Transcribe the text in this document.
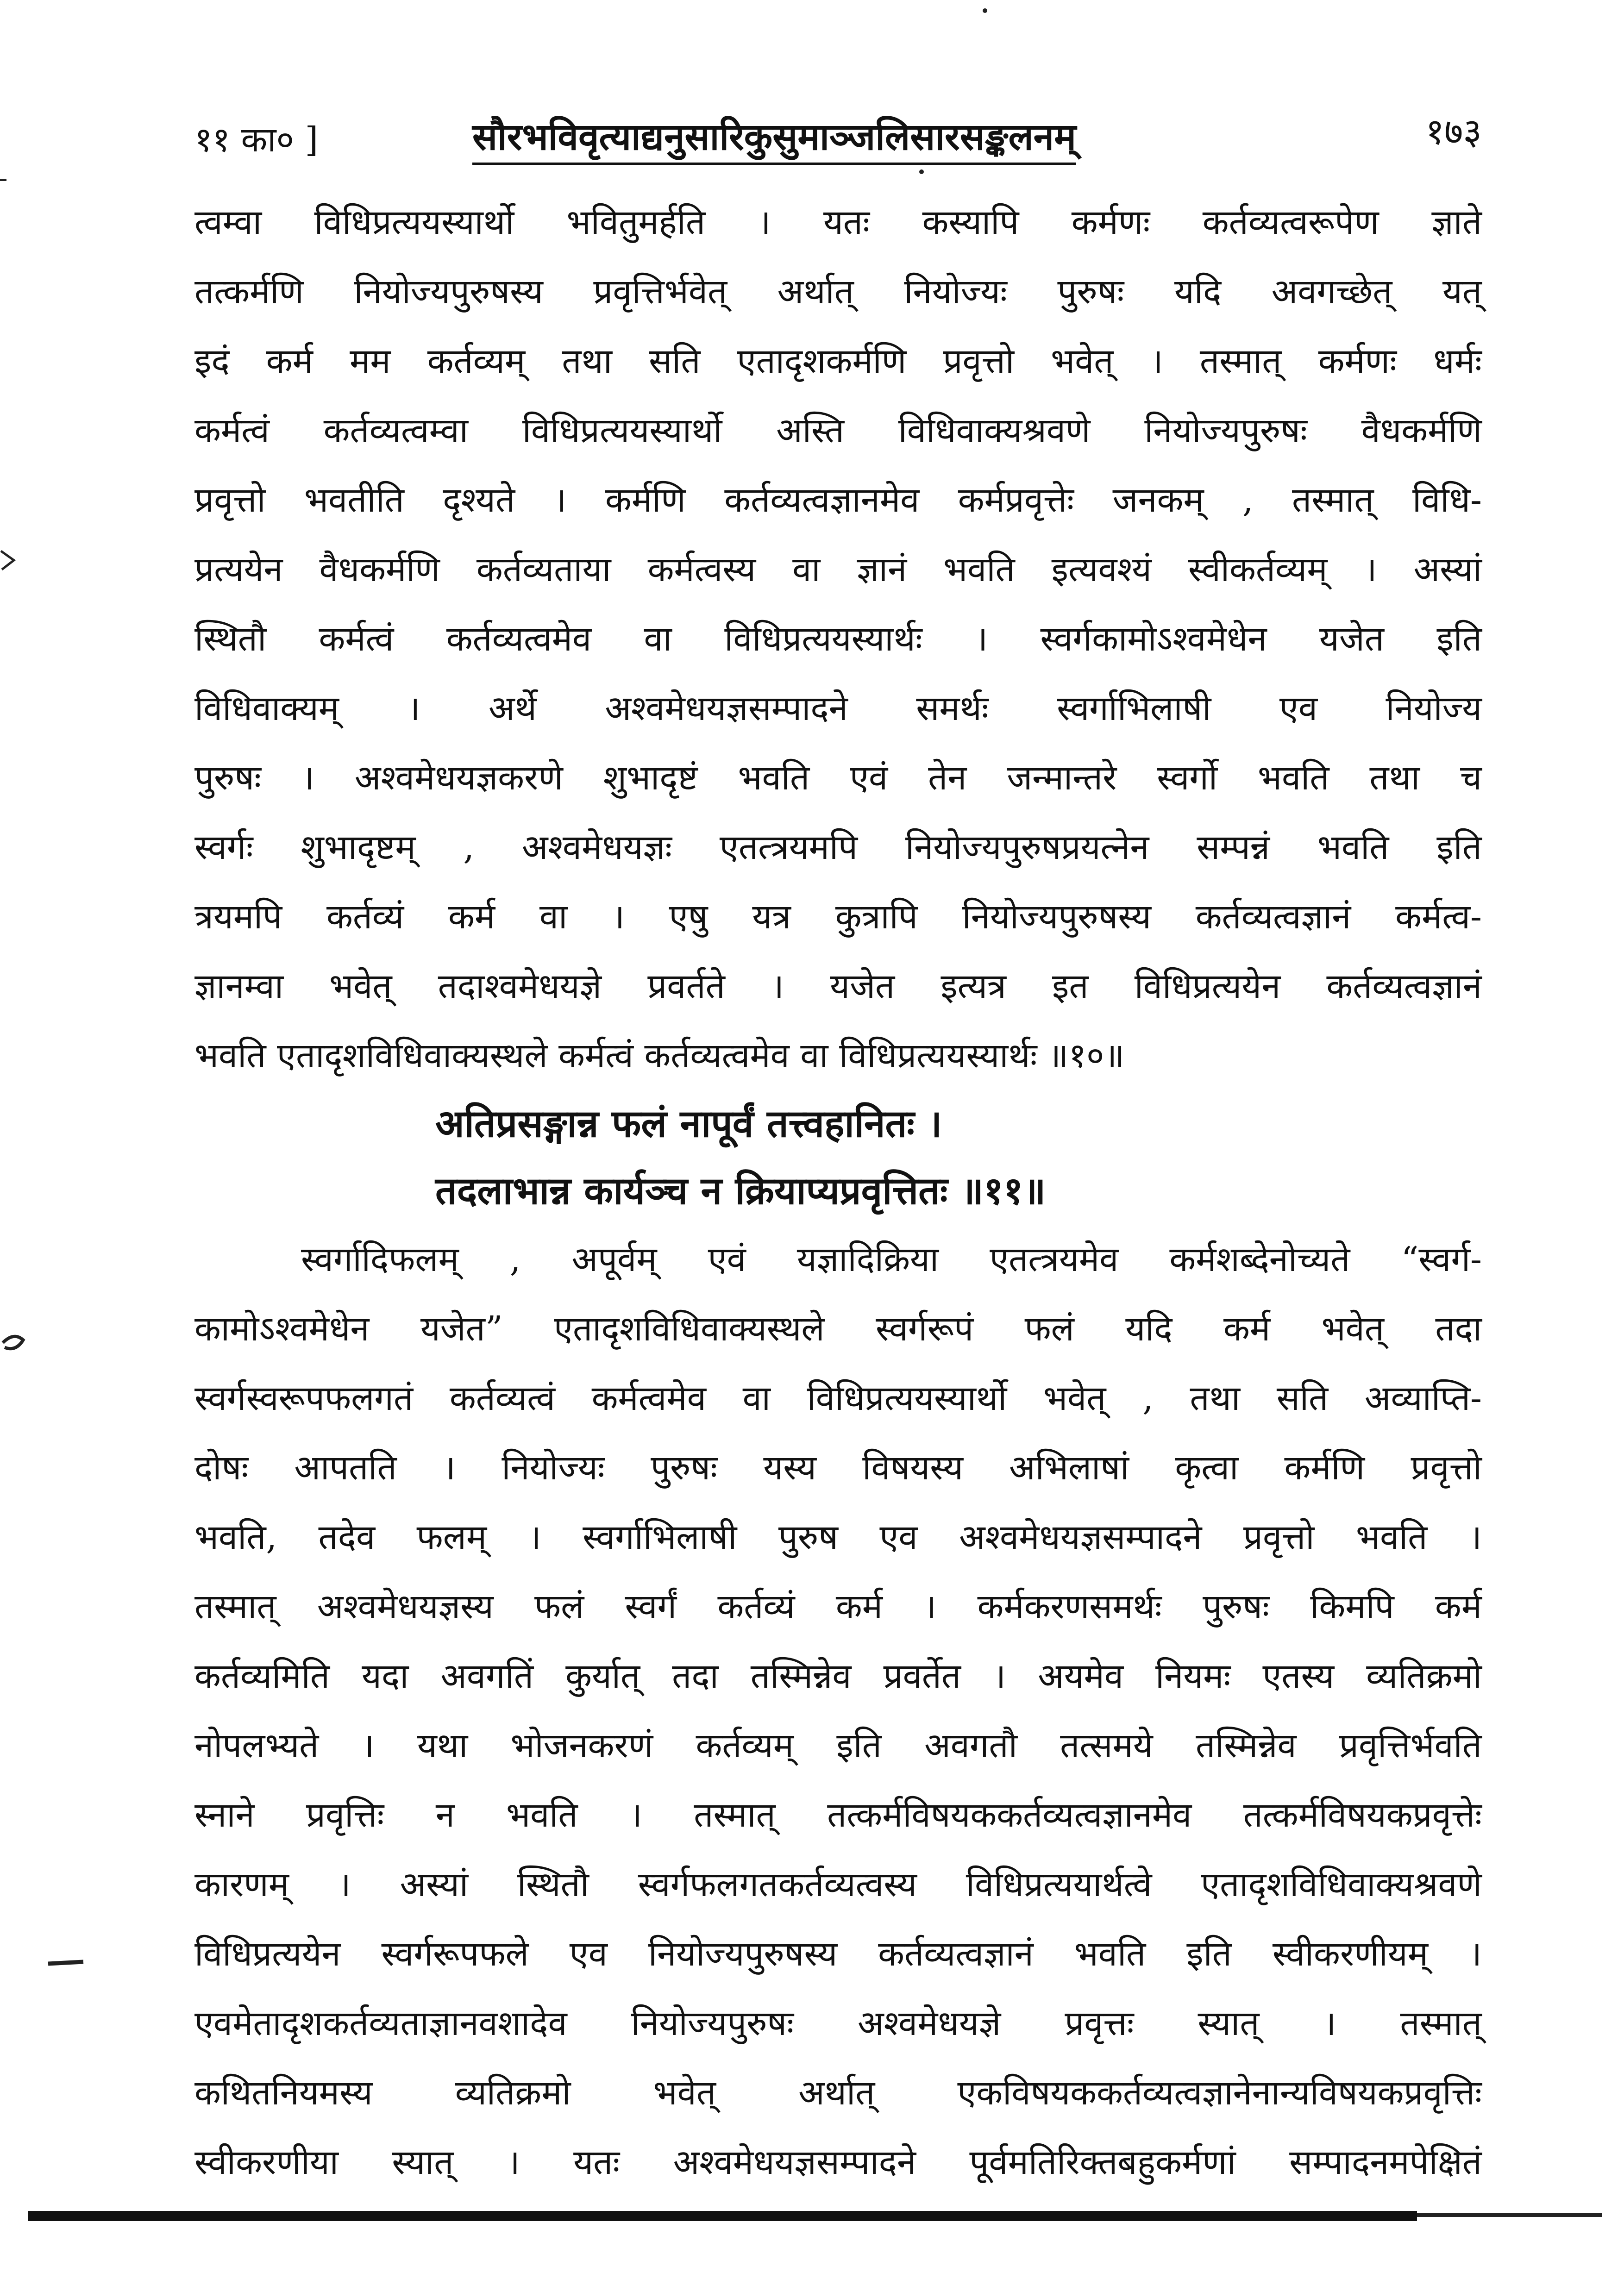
११ का० ]	सौरभविवृत्याद्यनुसारिकुसुमाञ्जलिसारसङ्कलनम्	१७३
त्वम्वा विधिप्रत्ययस्यार्थो भवितुमर्हति । यतः कस्यापि कर्मणः कर्तव्यत्वरूपेण ज्ञाते
तत्कर्मणि नियोज्यपुरुषस्य प्रवृत्तिर्भवेत् अर्थात् नियोज्यः पुरुषः यदि अवगच्छेत् यत्
इदं कर्म मम कर्तव्यम् तथा सति एतादृशकर्मणि प्रवृत्तो भवेत् । तस्मात् कर्मणः धर्मः
कर्मत्वं कर्तव्यत्वम्वा विधिप्रत्ययस्यार्थो अस्ति विधिवाक्यश्रवणे नियोज्यपुरुषः वैधकर्मणि
प्रवृत्तो भवतीति दृश्यते । कर्मणि कर्तव्यत्वज्ञानमेव कर्मप्रवृत्तेः जनकम् , तस्मात् विधि-
प्रत्ययेन वैधकर्मणि कर्तव्यताया कर्मत्वस्य वा ज्ञानं भवति इत्यवश्यं स्वीकर्तव्यम् । अस्यां
स्थितौ कर्मत्वं कर्तव्यत्वमेव वा विधिप्रत्ययस्यार्थः । स्वर्गकामोऽश्वमेधेन यजेत इति
विधिवाक्यम् । अर्थे अश्वमेधयज्ञसम्पादने समर्थः स्वर्गाभिलाषी एव नियोज्य
पुरुषः । अश्वमेधयज्ञकरणे शुभादृष्टं भवति एवं तेन जन्मान्तरे स्वर्गो भवति तथा च
स्वर्गः शुभादृष्टम् , अश्वमेधयज्ञः एतत्त्रयमपि नियोज्यपुरुषप्रयत्नेन सम्पन्नं भवति इति
त्रयमपि कर्तव्यं कर्म वा । एषु यत्र कुत्रापि नियोज्यपुरुषस्य कर्तव्यत्वज्ञानं कर्मत्व-
ज्ञानम्वा भवेत् तदाश्वमेधयज्ञे प्रवर्तते । यजेत इत्यत्र इत विधिप्रत्ययेन कर्तव्यत्वज्ञानं
भवति एतादृशविधिवाक्यस्थले कर्मत्वं कर्तव्यत्वमेव वा विधिप्रत्ययस्यार्थः ॥१०॥
अतिप्रसङ्गान्न फलं नापूर्वं तत्त्वहानितः ।
तदलाभान्न कार्यञ्च न क्रियाप्यप्रवृत्तितः ॥११॥
स्वर्गादिफलम् , अपूर्वम् एवं यज्ञादिक्रिया एतत्त्रयमेव कर्मशब्देनोच्यते “स्वर्ग-
कामोऽश्वमेधेन यजेत” एतादृशविधिवाक्यस्थले स्वर्गरूपं फलं यदि कर्म भवेत् तदा
स्वर्गस्वरूपफलगतं कर्तव्यत्वं कर्मत्वमेव वा विधिप्रत्ययस्यार्थो भवेत् , तथा सति अव्याप्ति-
दोषः आपतति । नियोज्यः पुरुषः यस्य विषयस्य अभिलाषां कृत्वा कर्मणि प्रवृत्तो
भवति, तदेव फलम् । स्वर्गाभिलाषी पुरुष एव अश्वमेधयज्ञसम्पादने प्रवृत्तो भवति ।
तस्मात् अश्वमेधयज्ञस्य फलं स्वर्गं कर्तव्यं कर्म । कर्मकरणसमर्थः पुरुषः किमपि कर्म
कर्तव्यमिति यदा अवगतिं कुर्यात् तदा तस्मिन्नेव प्रवर्तेत । अयमेव नियमः एतस्य व्यतिक्रमो
नोपलभ्यते । यथा भोजनकरणं कर्तव्यम् इति अवगतौ तत्समये तस्मिन्नेव प्रवृत्तिर्भवति
स्नाने प्रवृत्तिः न भवति । तस्मात् तत्कर्मविषयककर्तव्यत्वज्ञानमेव तत्कर्मविषयकप्रवृत्तेः
कारणम् । अस्यां स्थितौ स्वर्गफलगतकर्तव्यत्वस्य विधिप्रत्ययार्थत्वे एतादृशविधिवाक्यश्रवणे
विधिप्रत्ययेन स्वर्गरूपफले एव नियोज्यपुरुषस्य कर्तव्यत्वज्ञानं भवति इति स्वीकरणीयम् ।
एवमेतादृशकर्तव्यताज्ञानवशादेव नियोज्यपुरुषः अश्वमेधयज्ञे प्रवृत्तः स्यात् । तस्मात्
कथितनियमस्य व्यतिक्रमो भवेत् अर्थात् एकविषयककर्तव्यत्वज्ञानेनान्यविषयकप्रवृत्तिः
स्वीकरणीया स्यात् । यतः अश्वमेधयज्ञसम्पादने पूर्वमतिरिक्तबहुकर्मणां सम्पादनमपेक्षितं
